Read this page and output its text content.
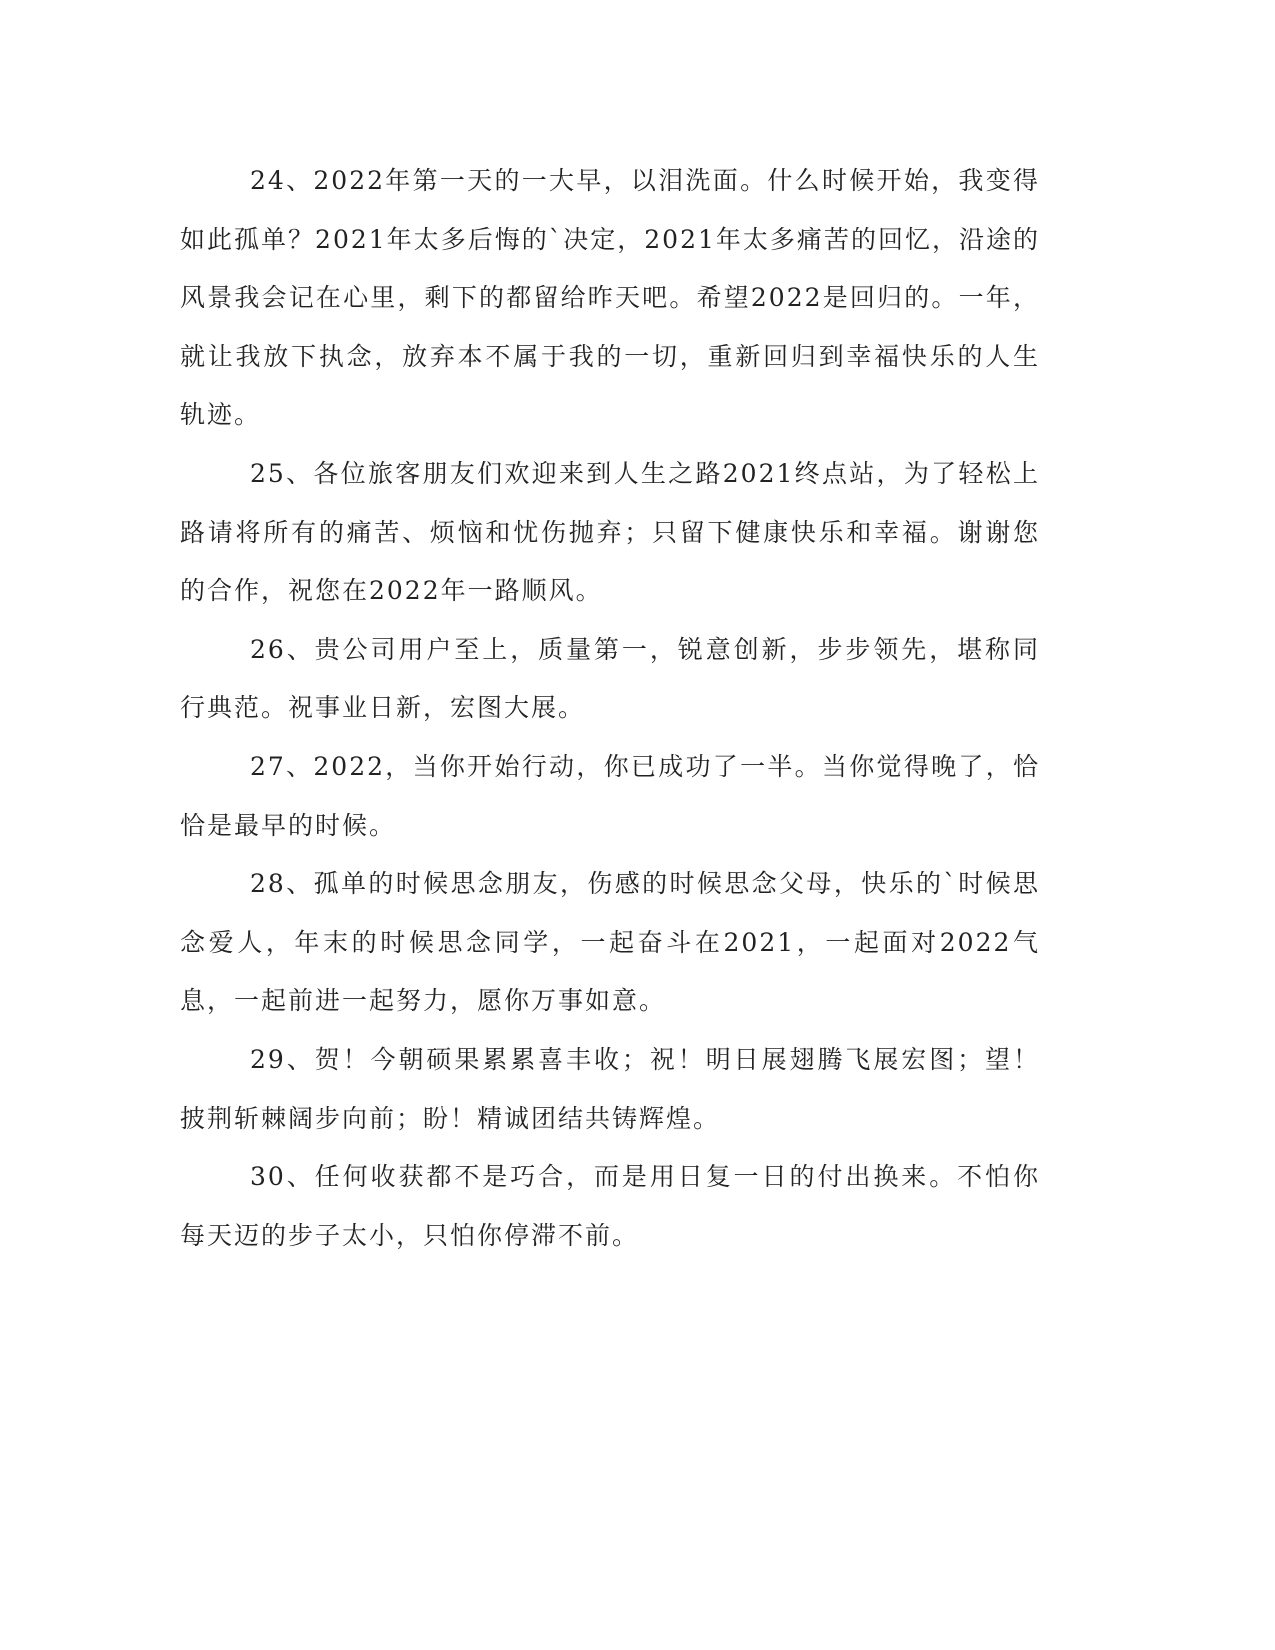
24、2022年第一天的一大早，以泪洗面。什么时候开始，我变得如此孤单？2021年太多后悔的`决定，2021年太多痛苦的回忆，沿途的风景我会记在心里，剩下的都留给昨天吧。希望2022是回归的。一年，就让我放下执念，放弃本不属于我的一切，重新回归到幸福快乐的人生轨迹。

25、各位旅客朋友们欢迎来到人生之路2021终点站，为了轻松上路请将所有的痛苦、烦恼和忧伤抛弃；只留下健康快乐和幸福。谢谢您的合作，祝您在2022年一路顺风。

26、贵公司用户至上，质量第一，锐意创新，步步领先，堪称同行典范。祝事业日新，宏图大展。

27、2022，当你开始行动，你已成功了一半。当你觉得晚了，恰恰是最早的时候。

28、孤单的时候思念朋友，伤感的时候思念父母，快乐的`时候思念爱人，年末的时候思念同学，一起奋斗在2021，一起面对2022气息，一起前进一起努力，愿你万事如意。

29、贺！今朝硕果累累喜丰收；祝！明日展翅腾飞展宏图；望！披荆斩棘阔步向前；盼！精诚团结共铸辉煌。

30、任何收获都不是巧合，而是用日复一日的付出换来。不怕你每天迈的步子太小，只怕你停滞不前。
